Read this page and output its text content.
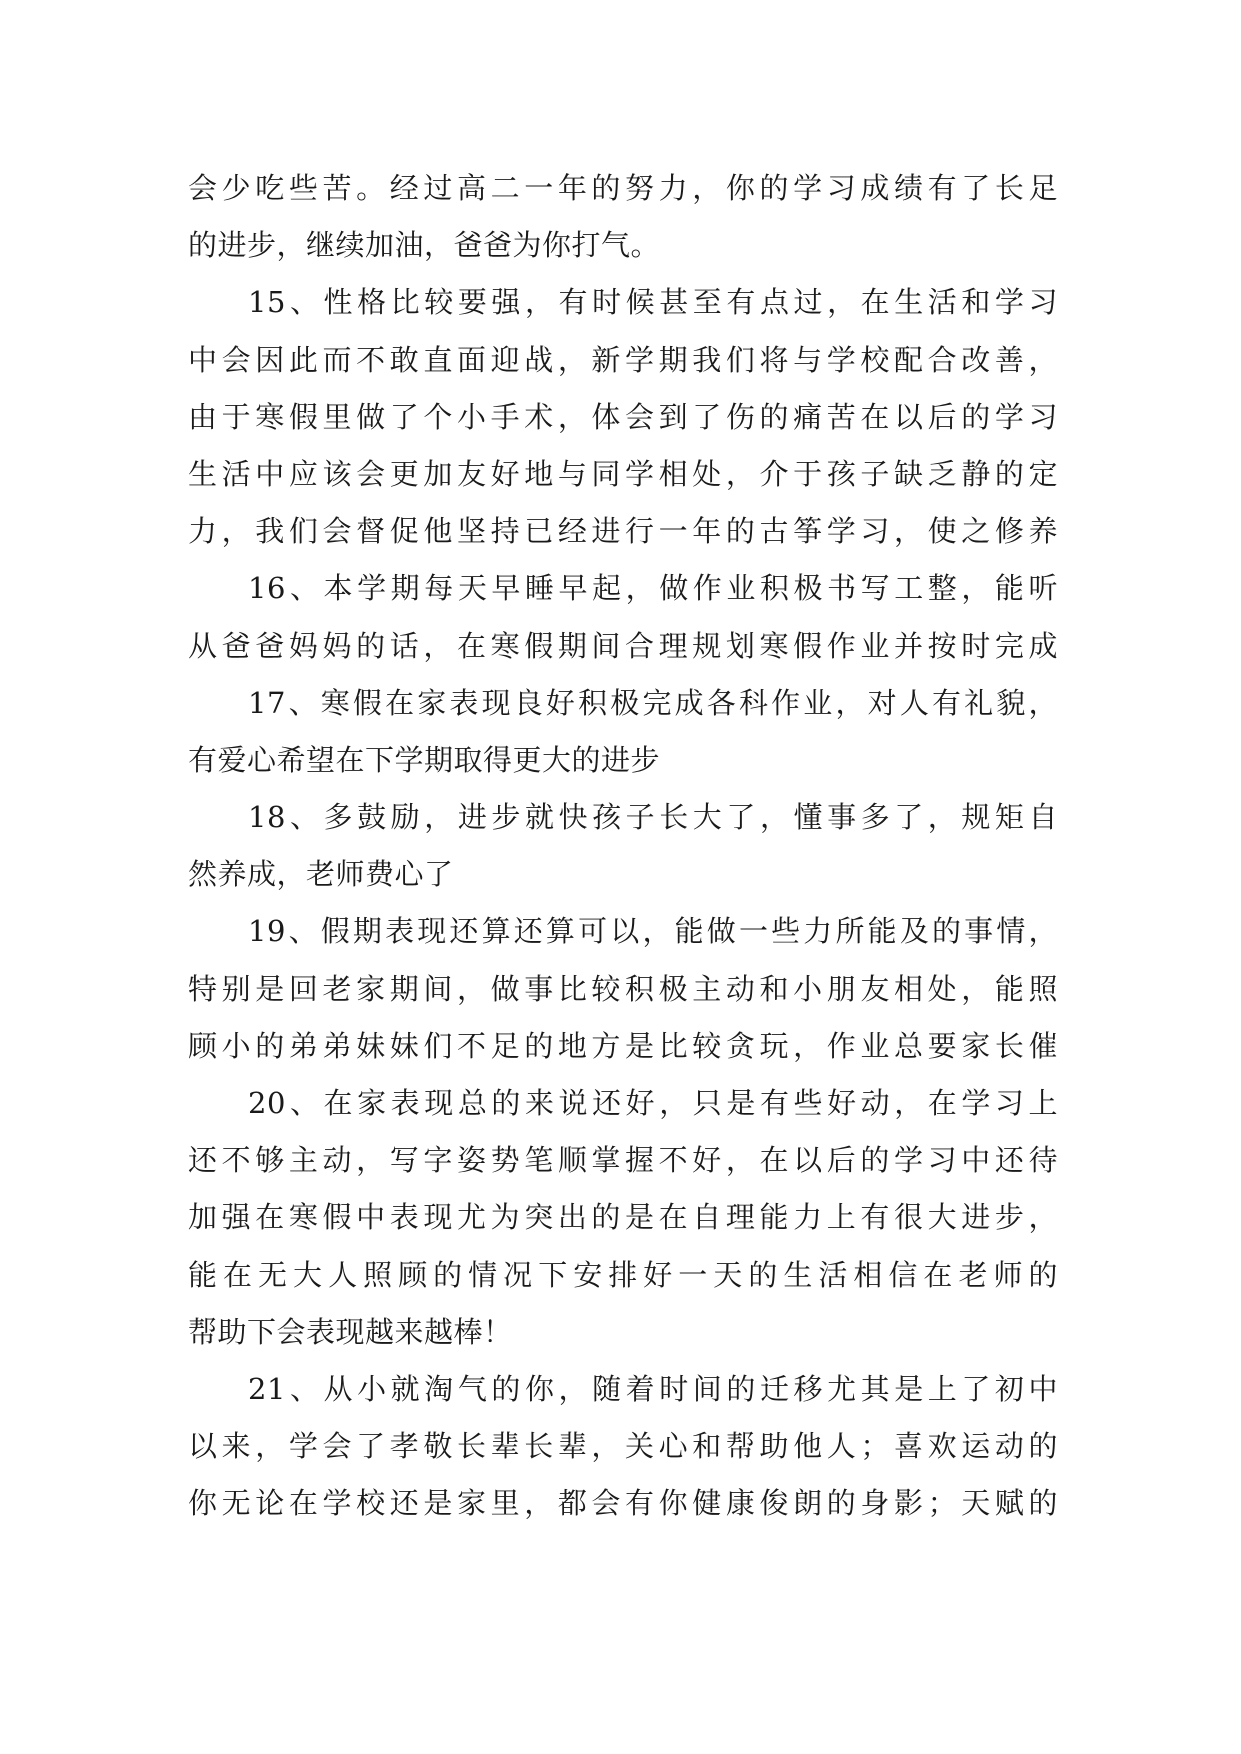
会少吃些苦。经过高二一年的努力，你的学习成绩有了长足
的进步，继续加油，爸爸为你打气。
15、性格比较要强，有时候甚至有点过，在生活和学习
中会因此而不敢直面迎战，新学期我们将与学校配合改善，
由于寒假里做了个小手术，体会到了伤的痛苦在以后的学习
生活中应该会更加友好地与同学相处，介于孩子缺乏静的定
力，我们会督促他坚持已经进行一年的古筝学习，使之修养
16、本学期每天早睡早起，做作业积极书写工整，能听
从爸爸妈妈的话，在寒假期间合理规划寒假作业并按时完成
17、寒假在家表现良好积极完成各科作业，对人有礼貌，
有爱心希望在下学期取得更大的进步
18、多鼓励，进步就快孩子长大了，懂事多了，规矩自
然养成，老师费心了
19、假期表现还算还算可以，能做一些力所能及的事情，
特别是回老家期间，做事比较积极主动和小朋友相处，能照
顾小的弟弟妹妹们不足的地方是比较贪玩，作业总要家长催
20、在家表现总的来说还好，只是有些好动，在学习上
还不够主动，写字姿势笔顺掌握不好，在以后的学习中还待
加强在寒假中表现尤为突出的是在自理能力上有很大进步，
能在无大人照顾的情况下安排好一天的生活相信在老师的
帮助下会表现越来越棒！
21、从小就淘气的你，随着时间的迁移尤其是上了初中
以来，学会了孝敬长辈长辈，关心和帮助他人；喜欢运动的
你无论在学校还是家里，都会有你健康俊朗的身影；天赋的
